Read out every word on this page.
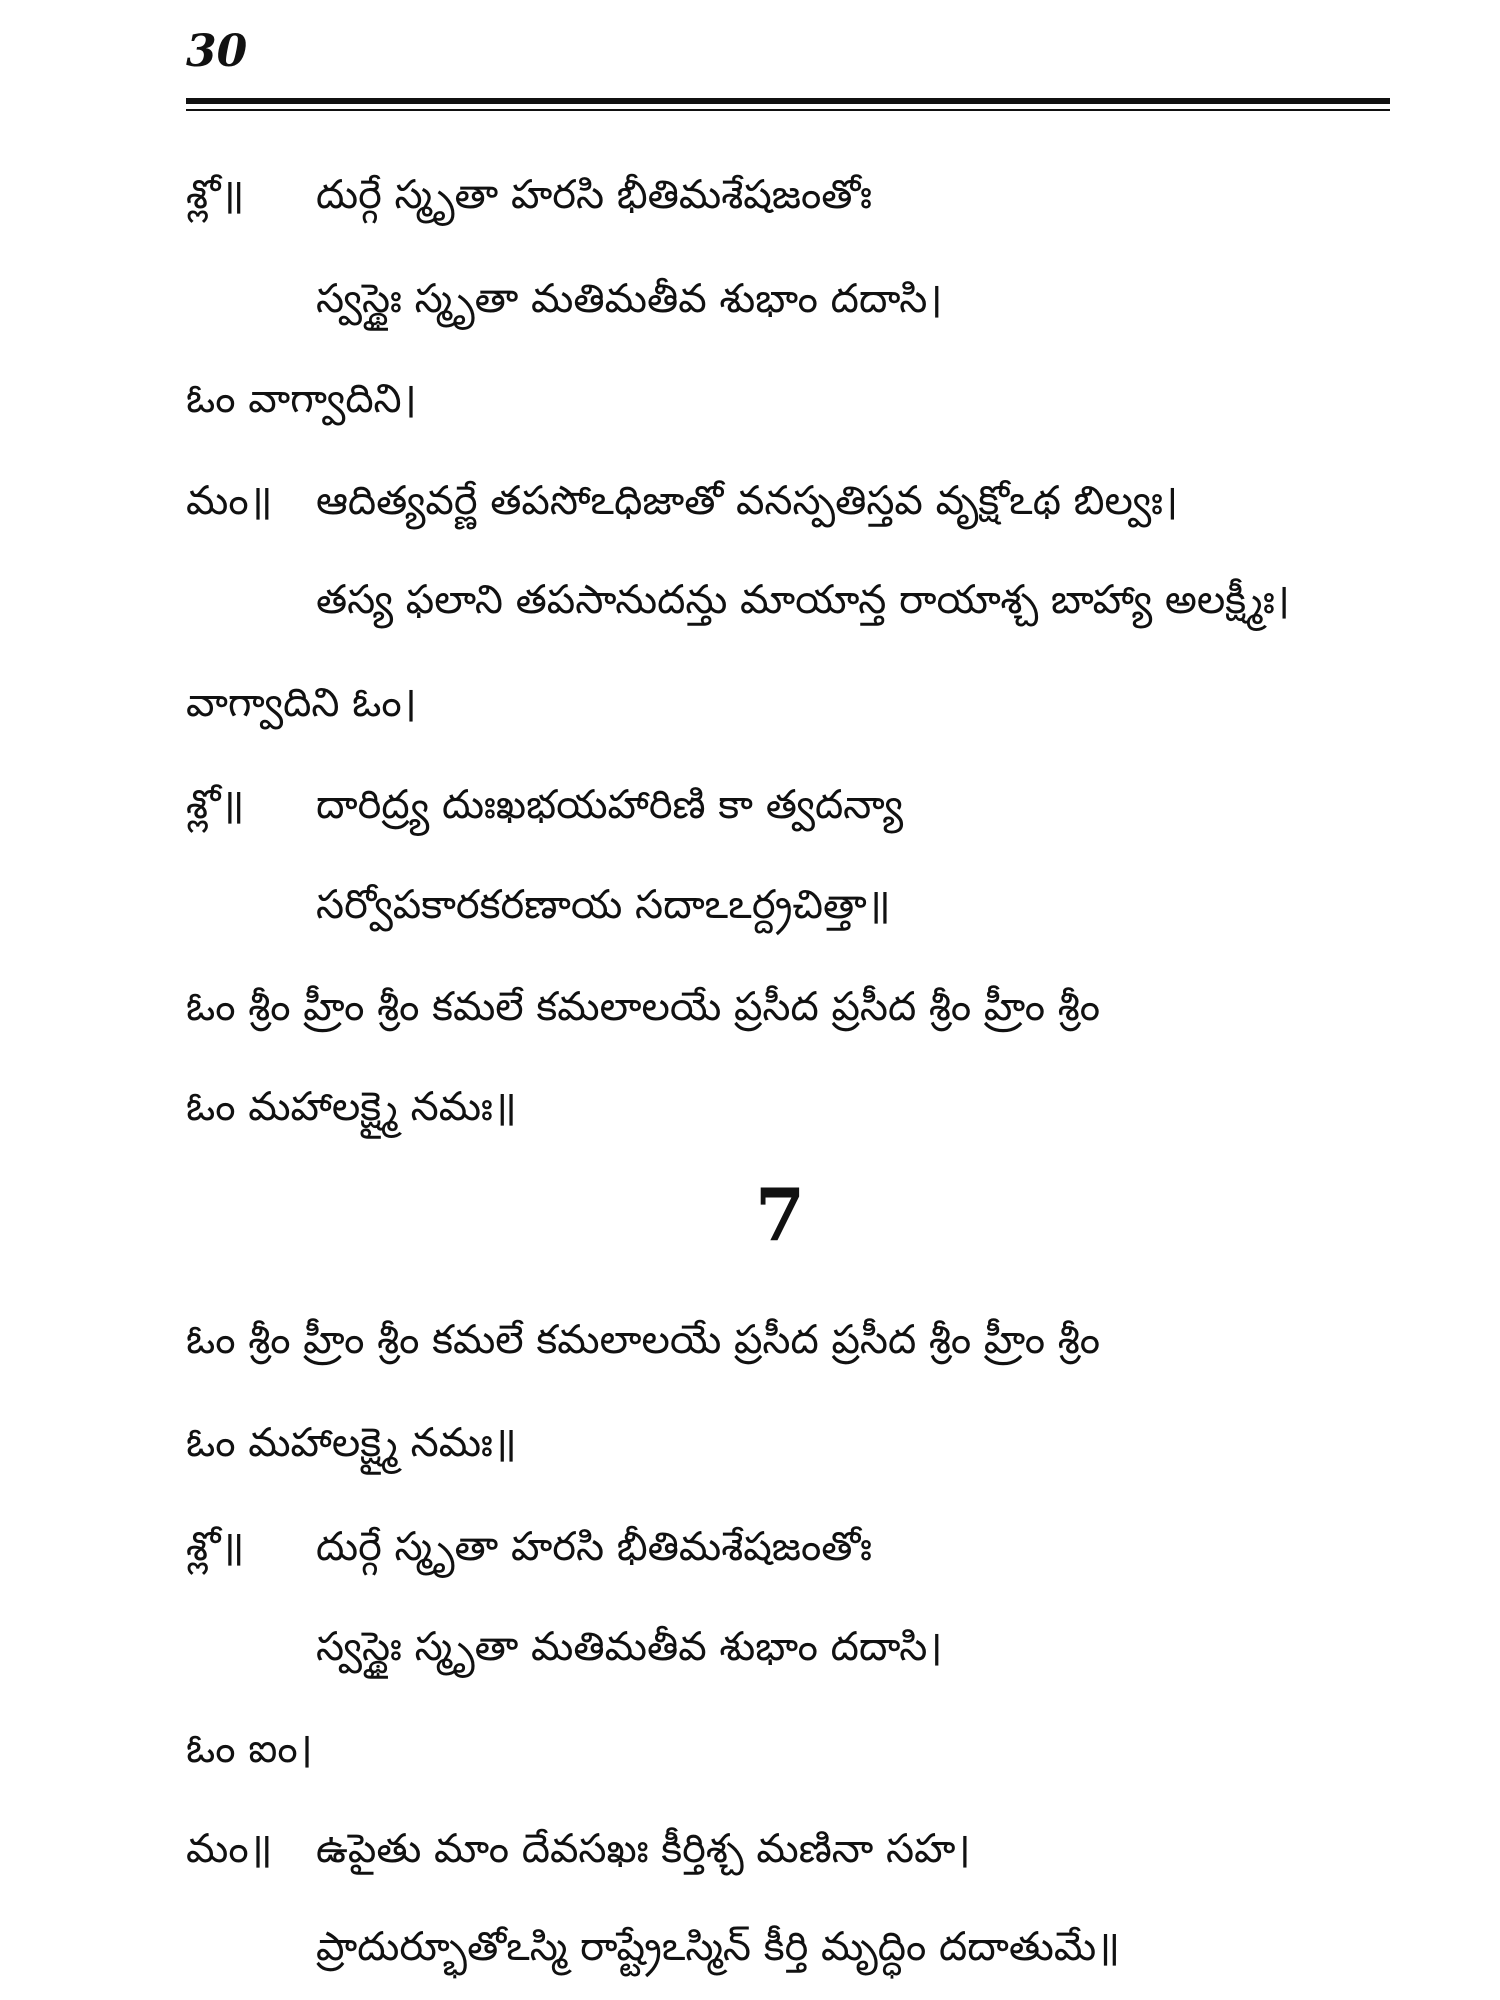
30
శ్లో॥ దుర్గే స్మృతా హరసి భీతిమశేషజంతోః
స్వస్థైః స్మృతా మతిమతీవ శుభాం దదాసి।
ఓం వాగ్వాదిని।
మం॥ ఆదిత్యవర్ణే తపసోఽధిజాతో వనస్పతిస్తవ వృక్షోఽథ బిల్వః।
తస్య ఫలాని తపసానుదన్తు మాయాన్త రాయాశ్చ బాహ్యా అలక్ష్మీః।
వాగ్వాదిని ఓం।
శ్లో॥ దారిద్ర్య దుఃఖభయహారిణి కా త్వదన్యా
సర్వోపకారకరణాయ సదాఽఽర్ద్రచిత్తా॥
ఓం శ్రీం హ్రీం శ్రీం కమలే కమలాలయే ప్రసీద ప్రసీద శ్రీం హ్రీం శ్రీం
ఓం మహాలక్ష్మై నమః॥
7
ఓం శ్రీం హ్రీం శ్రీం కమలే కమలాలయే ప్రసీద ప్రసీద శ్రీం హ్రీం శ్రీం
ఓం మహాలక్ష్మై నమః॥
శ్లో॥ దుర్గే స్మృతా హరసి భీతిమశేషజంతోః
స్వస్థైః స్మృతా మతిమతీవ శుభాం దదాసి।
ఓం ఐం।
మం॥ ఉపైతు మాం దేవసఖః కీర్తిశ్చ మణినా సహ।
ప్రాదుర్భూతోఽస్మి రాష్ట్రేఽస్మిన్ కీర్తి మృద్ధిం దదాతుమే॥
